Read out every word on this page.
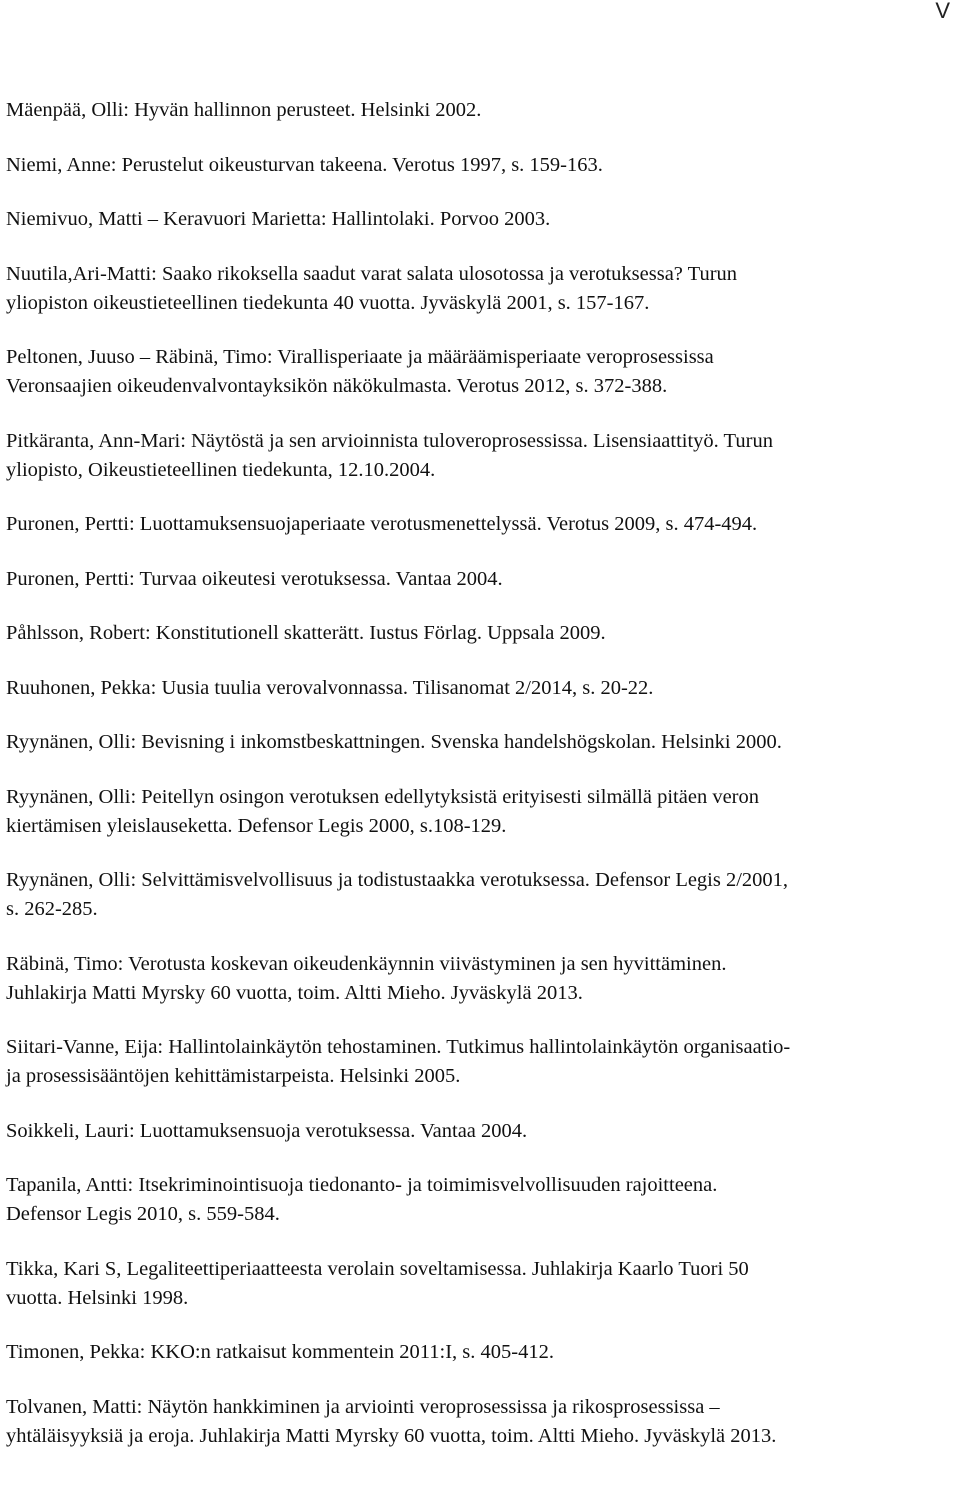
V
Mäenpää, Olli: Hyvän hallinnon perusteet. Helsinki 2002.
Niemi, Anne: Perustelut oikeusturvan takeena. Verotus 1997, s. 159-163.
Niemivuo, Matti – Keravuori Marietta: Hallintolaki. Porvoo 2003.
Nuutila,Ari-Matti: Saako rikoksella saadut varat salata ulosotossa ja verotuksessa? Turun
yliopiston oikeustieteellinen tiedekunta 40 vuotta. Jyväskylä 2001, s. 157-167.
Peltonen, Juuso – Räbinä, Timo: Virallisperiaate ja määräämisperiaate veroprosessissa
Veronsaajien oikeudenvalvontayksikön näkökulmasta. Verotus 2012, s. 372-388.
Pitkäranta, Ann-Mari: Näytöstä ja sen arvioinnista tuloveroprosessissa. Lisensiaattityö. Turun
yliopisto, Oikeustieteellinen tiedekunta, 12.10.2004.
Puronen, Pertti: Luottamuksensuojaperiaate verotusmenettelyssä. Verotus 2009, s. 474-494.
Puronen, Pertti: Turvaa oikeutesi verotuksessa. Vantaa 2004.
Påhlsson, Robert: Konstitutionell skatterätt. Iustus Förlag. Uppsala 2009.
Ruuhonen, Pekka: Uusia tuulia verovalvonnassa. Tilisanomat 2/2014, s. 20-22.
Ryynänen, Olli: Bevisning i inkomstbeskattningen. Svenska handelshögskolan. Helsinki 2000.
Ryynänen, Olli: Peitellyn osingon verotuksen edellytyksistä erityisesti silmällä pitäen veron
kiertämisen yleislauseketta. Defensor Legis 2000, s.108-129.
Ryynänen, Olli: Selvittämisvelvollisuus ja todistustaakka verotuksessa. Defensor Legis 2/2001,
s. 262-285.
Räbinä, Timo: Verotusta koskevan oikeudenkäynnin viivästyminen ja sen hyvittäminen.
Juhlakirja Matti Myrsky 60 vuotta, toim. Altti Mieho. Jyväskylä 2013.
Siitari-Vanne, Eija: Hallintolainkäytön tehostaminen. Tutkimus hallintolainkäytön organisaatio-
ja prosessisääntöjen kehittämistarpeista. Helsinki 2005.
Soikkeli, Lauri: Luottamuksensuoja verotuksessa. Vantaa 2004.
Tapanila, Antti: Itsekriminointisuoja tiedonanto- ja toimimisvelvollisuuden rajoitteena.
Defensor Legis 2010, s. 559-584.
Tikka, Kari S, Legaliteettiperiaatteesta verolain soveltamisessa. Juhlakirja Kaarlo Tuori 50
vuotta. Helsinki 1998.
Timonen, Pekka: KKO:n ratkaisut kommentein 2011:I, s. 405-412.
Tolvanen, Matti: Näytön hankkiminen ja arviointi veroprosessissa ja rikosprosessissa –
yhtäläisyyksiä ja eroja. Juhlakirja Matti Myrsky 60 vuotta, toim. Altti Mieho. Jyväskylä 2013.
